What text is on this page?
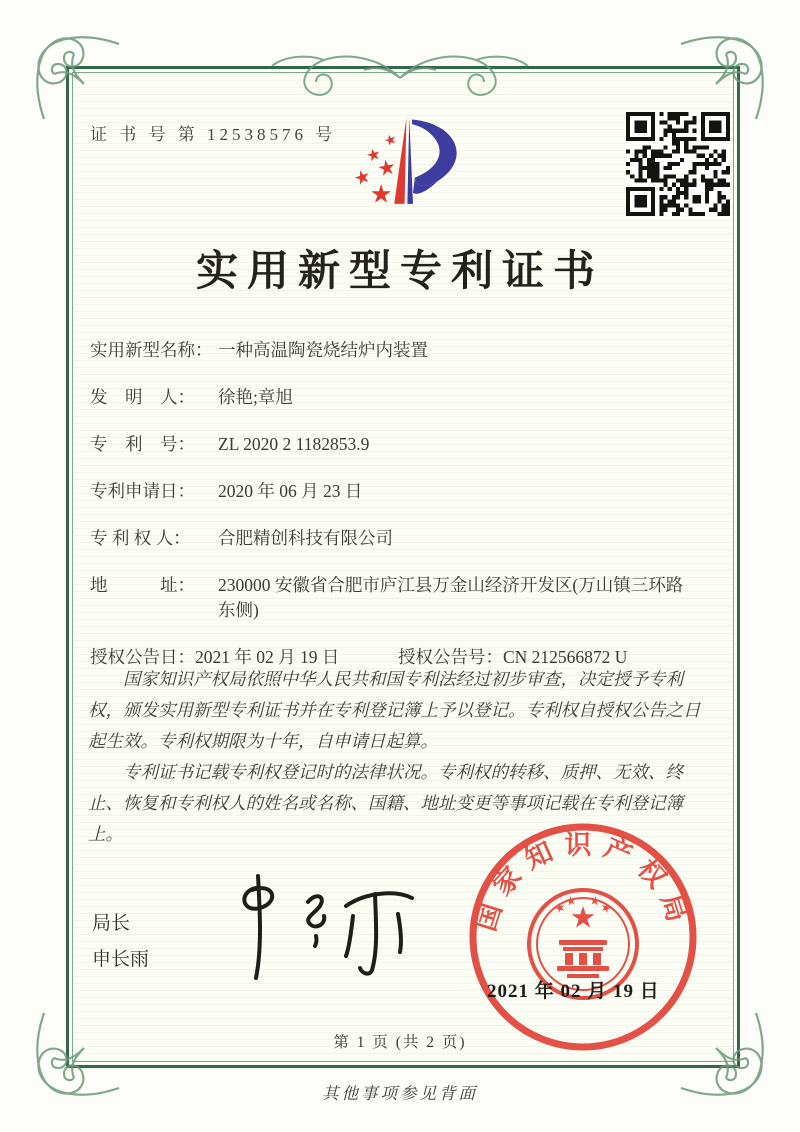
证 书 号 第 12538576 号
实用新型专利证书
实用新型名称： 一种高温陶瓷烧结炉内装置
发　明　人：	徐艳;章旭
专　利　号：	ZL 2020 2 1182853.9
专利申请日：	2020 年 06 月 23 日
专 利 权 人：	合肥精创科技有限公司
地　　　址：	230000 安徽省合肥市庐江县万金山经济开发区(万山镇三环路东侧)
授权公告日： 2021 年 02 月 19 日	授权公告号： CN 212566872 U

国家知识产权局依照中华人民共和国专利法经过初步审查，决定授予专利权，颁发实用新型专利证书并在专利登记簿上予以登记。专利权自授权公告之日起生效。专利权期限为十年，自申请日起算。

专利证书记载专利权登记时的法律状况。专利权的转移、质押、无效、终止、恢复和专利权人的姓名或名称、国籍、地址变更等事项记载在专利登记簿上。

局长
申长雨
国家知识产权局
2021 年 02 月 19 日
第 1 页 (共 2 页)
其他事项参见背面
